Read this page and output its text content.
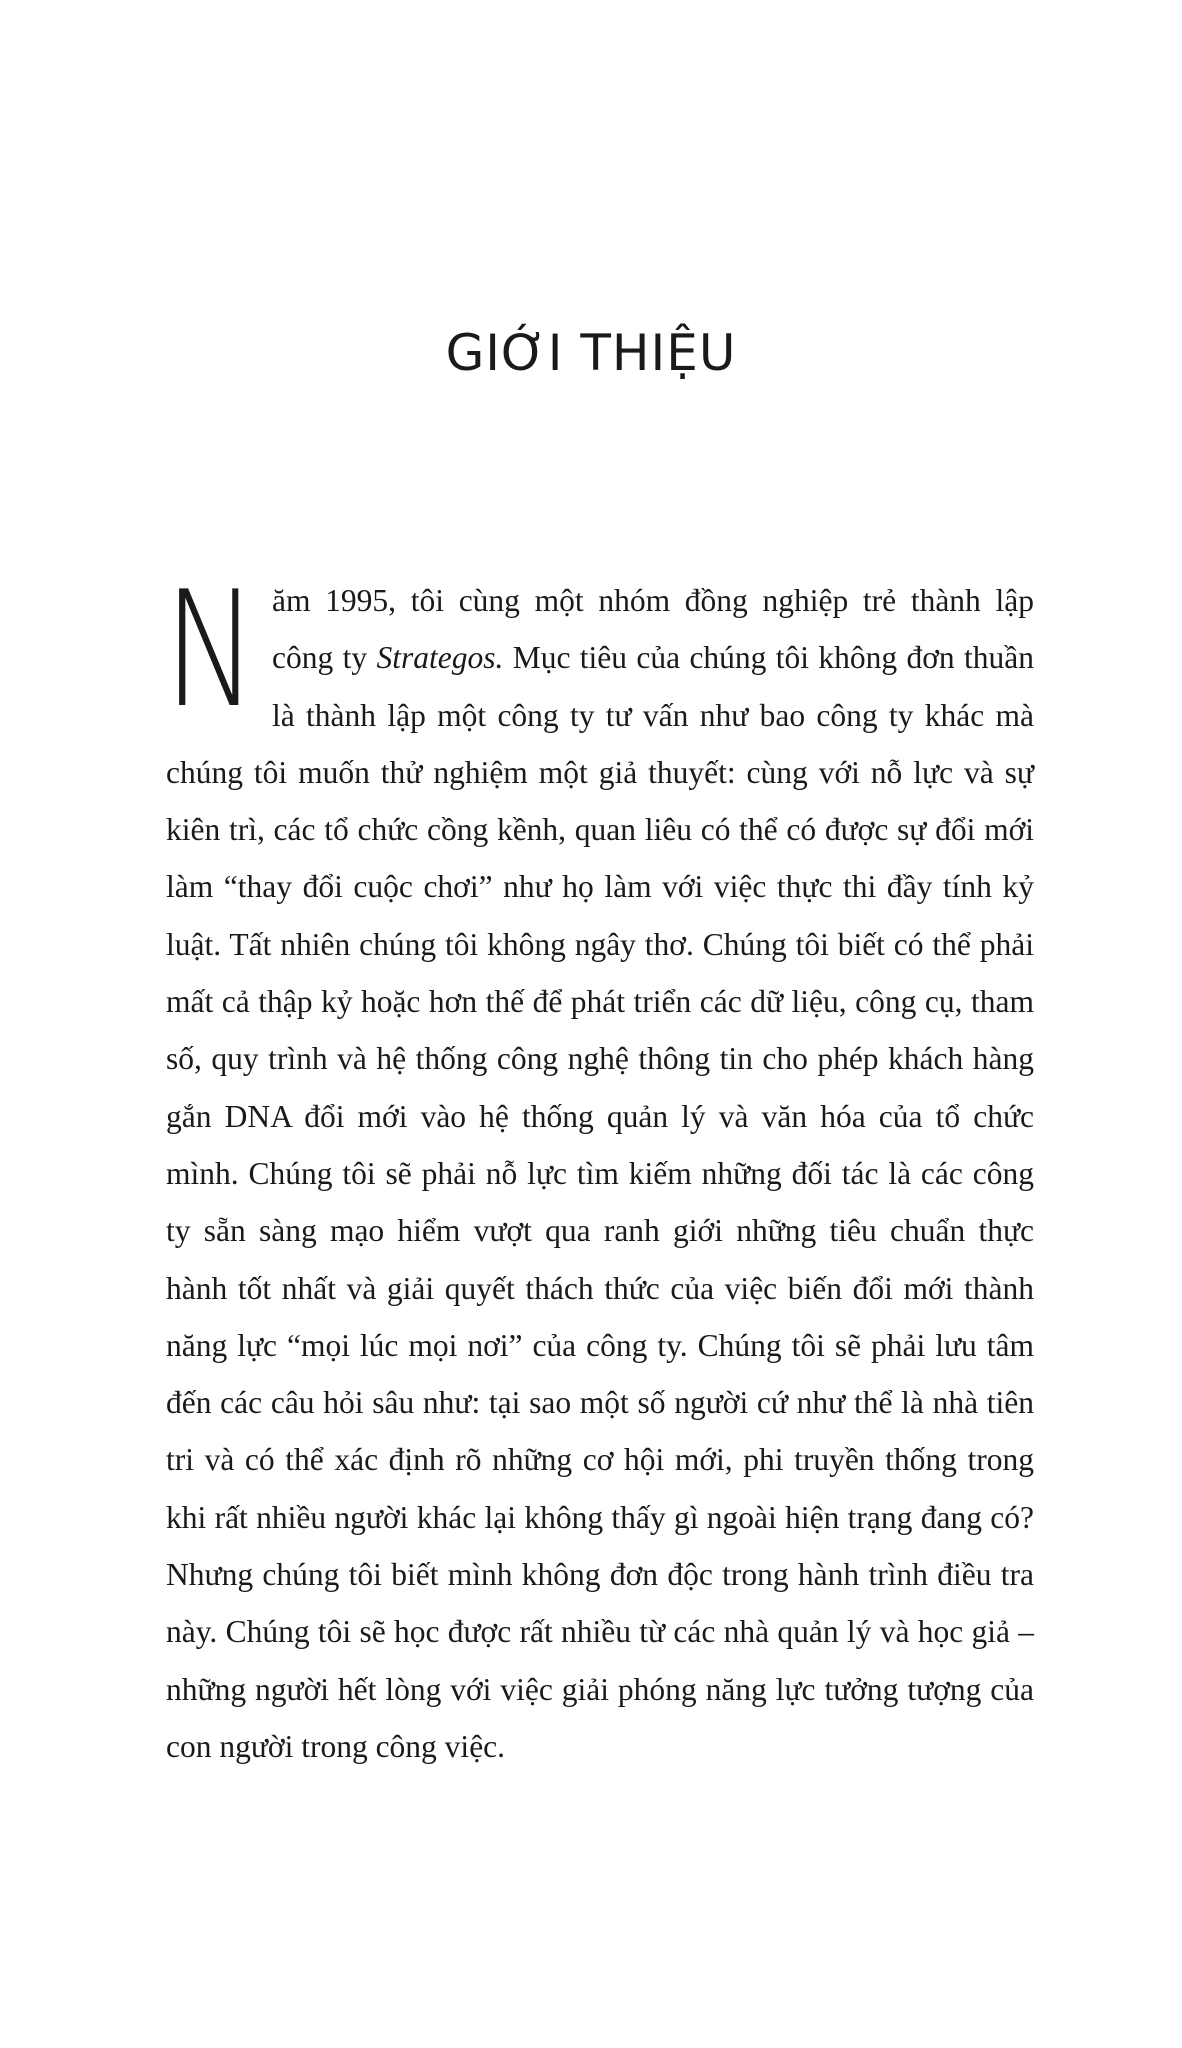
GIỚI THIỆU

Năm 1995, tôi cùng một nhóm đồng nghiệp trẻ thành lập công ty Strategos. Mục tiêu của chúng tôi không đơn thuần là thành lập một công ty tư vấn như bao công ty khác mà chúng tôi muốn thử nghiệm một giả thuyết: cùng với nỗ lực và sự kiên trì, các tổ chức cồng kềnh, quan liêu có thể có được sự đổi mới làm “thay đổi cuộc chơi” như họ làm với việc thực thi đầy tính kỷ luật. Tất nhiên chúng tôi không ngây thơ. Chúng tôi biết có thể phải mất cả thập kỷ hoặc hơn thế để phát triển các dữ liệu, công cụ, tham số, quy trình và hệ thống công nghệ thông tin cho phép khách hàng gắn DNA đổi mới vào hệ thống quản lý và văn hóa của tổ chức mình. Chúng tôi sẽ phải nỗ lực tìm kiếm những đối tác là các công ty sẵn sàng mạo hiểm vượt qua ranh giới những tiêu chuẩn thực hành tốt nhất và giải quyết thách thức của việc biến đổi mới thành năng lực “mọi lúc mọi nơi” của công ty. Chúng tôi sẽ phải lưu tâm đến các câu hỏi sâu như: tại sao một số người cứ như thể là nhà tiên tri và có thể xác định rõ những cơ hội mới, phi truyền thống trong khi rất nhiều người khác lại không thấy gì ngoài hiện trạng đang có? Nhưng chúng tôi biết mình không đơn độc trong hành trình điều tra này. Chúng tôi sẽ học được rất nhiều từ các nhà quản lý và học giả – những người hết lòng với việc giải phóng năng lực tưởng tượng của con người trong công việc.
